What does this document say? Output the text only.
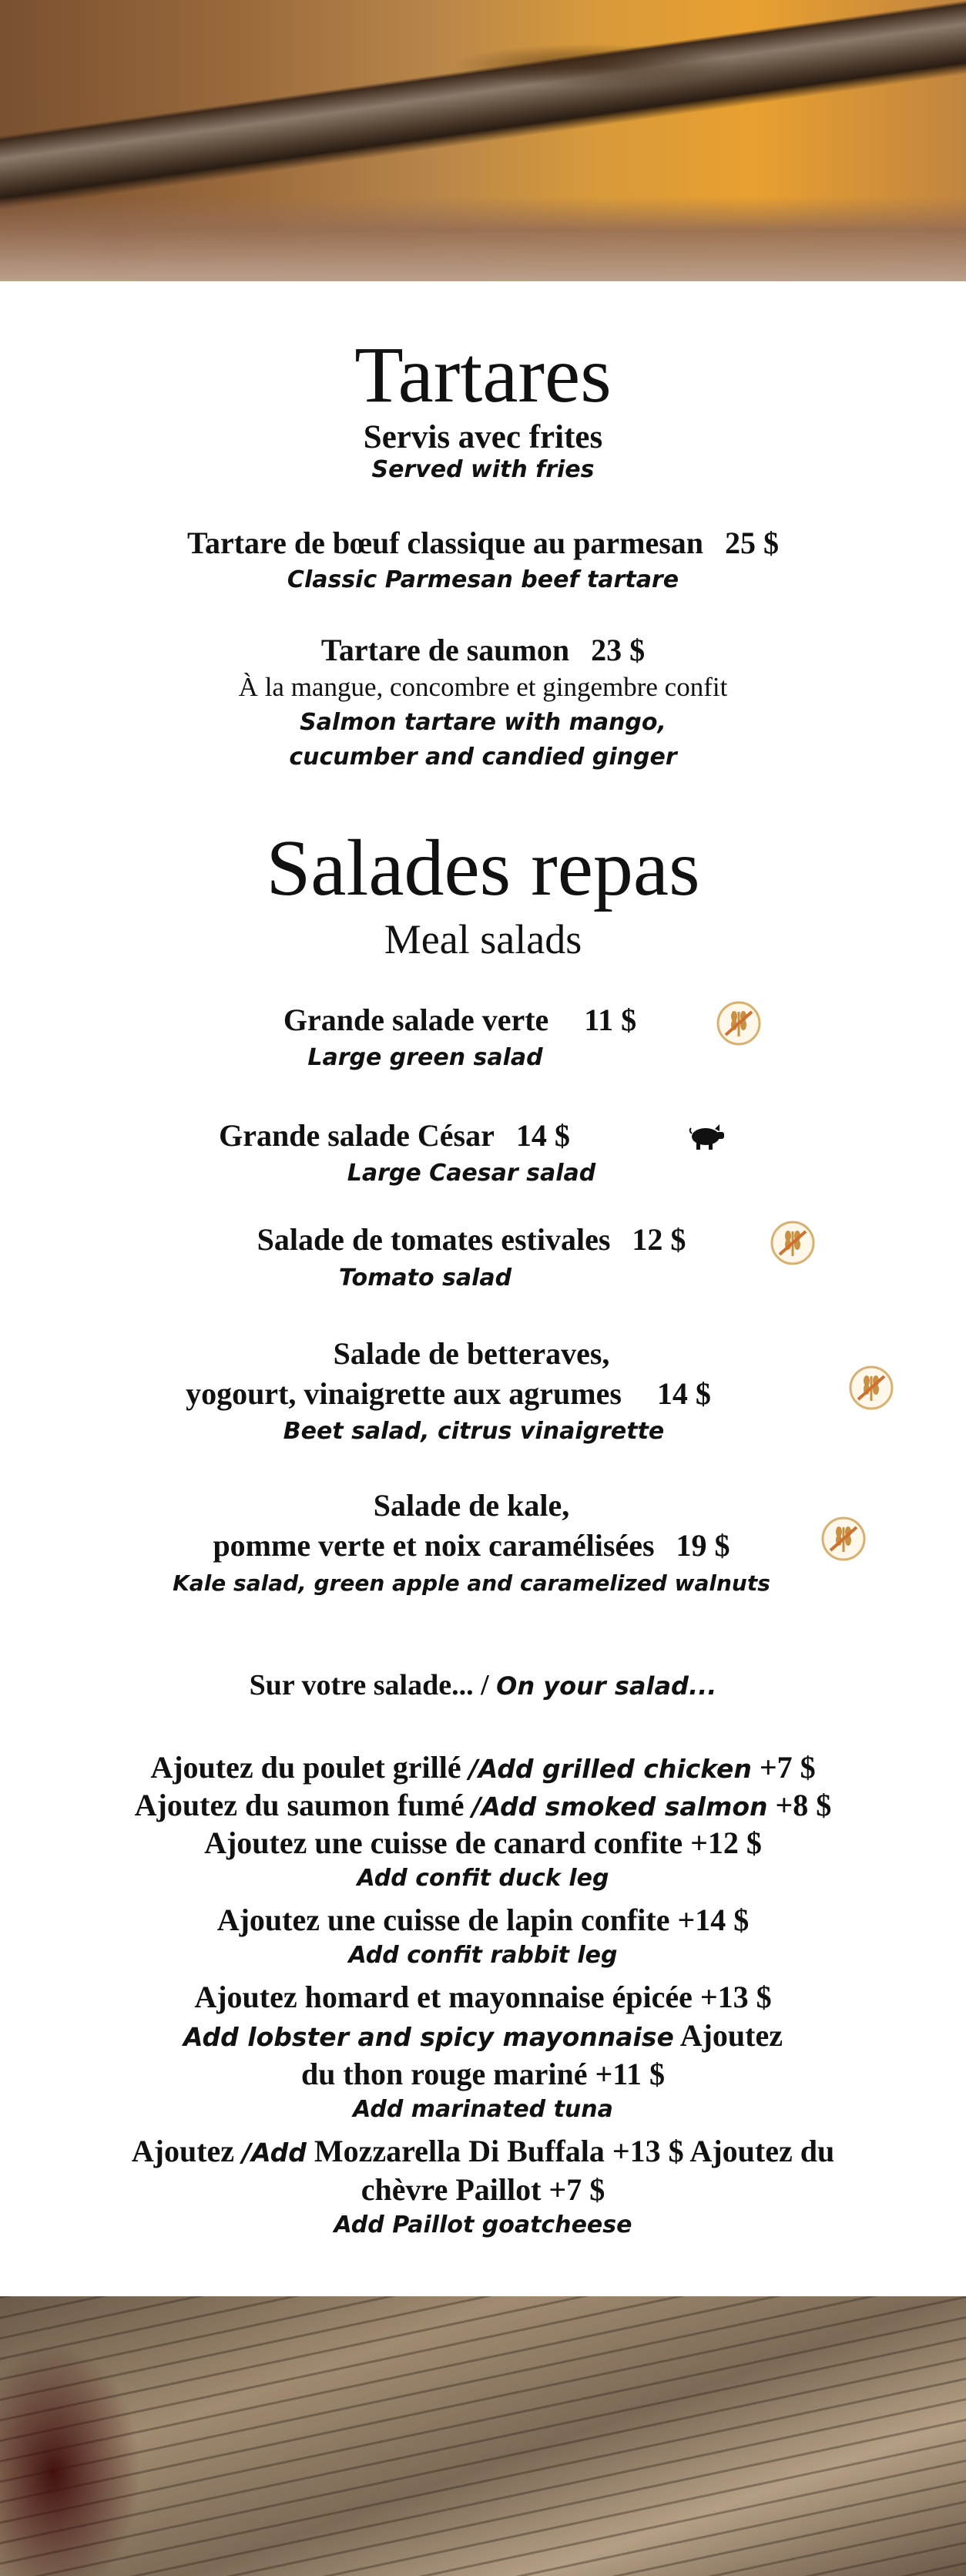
Tartares
Servis avec frites
Served with fries
Tartare de bœuf classique au parmesan 25 $
Classic Parmesan beef tartare
Tartare de saumon 23 $
À la mangue, concombre et gingembre confit
Salmon tartare with mango,
cucumber and candied ginger
Salades repas
Meal salads
Grande salade verte 11 $
Large green salad
Grande salade César 14 $
Large Caesar salad
Salade de tomates estivales 12 $
Tomato salad
Salade de betteraves,
yogourt, vinaigrette aux agrumes 14 $
Beet salad, citrus vinaigrette
Salade de kale,
pomme verte et noix caramélisées 19 $
Kale salad, green apple and caramelized walnuts
Sur votre salade... / On your salad...
Ajoutez du poulet grillé /Add grilled chicken +7 $
Ajoutez du saumon fumé /Add smoked salmon +8 $
Ajoutez une cuisse de canard confite +12 $
Add confit duck leg
Ajoutez une cuisse de lapin confite +14 $
Add confit rabbit leg
Ajoutez homard et mayonnaise épicée +13 $
Add lobster and spicy mayonnaise Ajoutez
du thon rouge mariné +11 $
Add marinated tuna
Ajoutez /Add Mozzarella Di Buffala +13 $ Ajoutez du
chèvre Paillot +7 $
Add Paillot goatcheese
